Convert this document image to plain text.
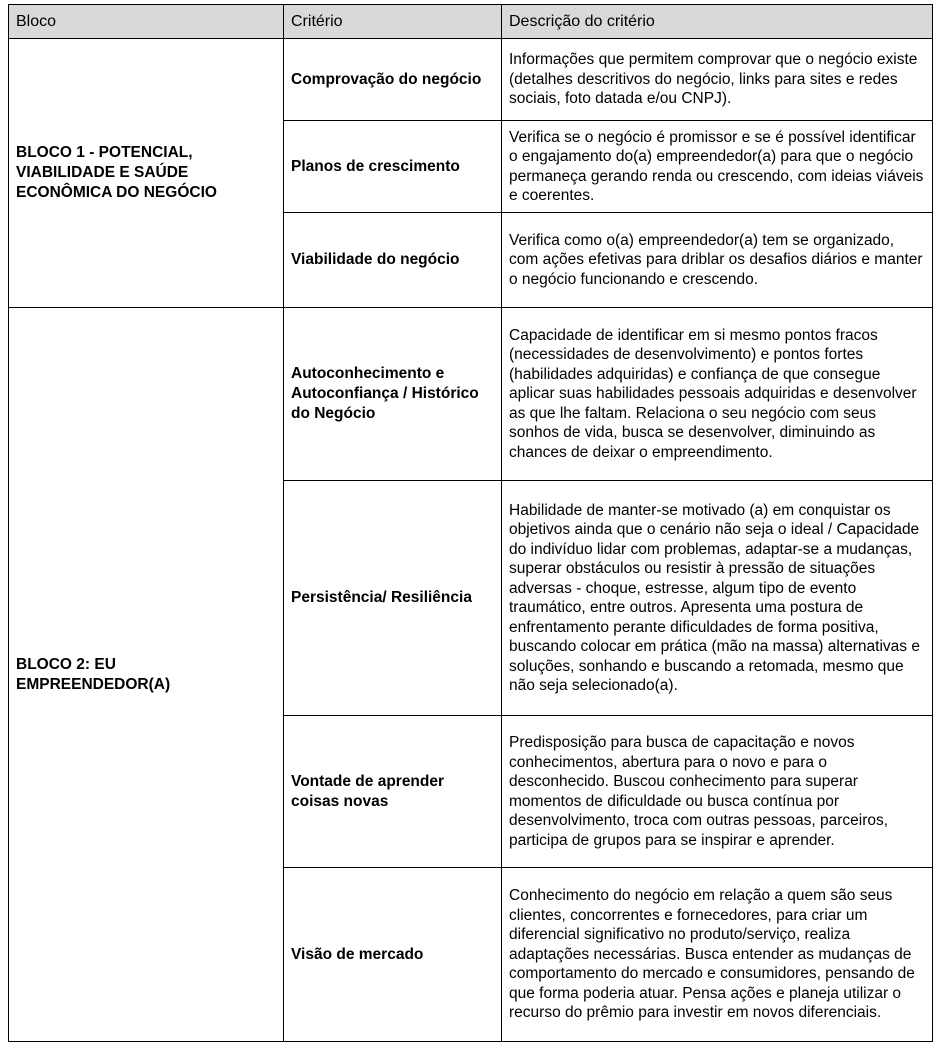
Bloco	Critério	Descrição do critério
BLOCO 1 - POTENCIAL, VIABILIDADE E SAÚDE ECONÔMICA DO NEGÓCIO	Comprovação do negócio	Informações que permitem comprovar que o negócio existe (detalhes descritivos do negócio, links para sites e redes sociais, foto datada e/ou CNPJ).
	Planos de crescimento	Verifica se o negócio é promissor e se é possível identificar o engajamento do(a) empreendedor(a) para que o negócio permaneça gerando renda ou crescendo, com ideias viáveis e coerentes.
	Viabilidade do negócio	Verifica como o(a) empreendedor(a) tem se organizado, com ações efetivas para driblar os desafios diários e manter o negócio funcionando e crescendo.
BLOCO 2: EU EMPREENDEDOR(A)	Autoconhecimento e Autoconfiança / Histórico do Negócio	Capacidade de identificar em si mesmo pontos fracos (necessidades de desenvolvimento) e pontos fortes (habilidades adquiridas) e confiança de que consegue aplicar suas habilidades pessoais adquiridas e desenvolver as que lhe faltam. Relaciona o seu negócio com seus sonhos de vida, busca se desenvolver, diminuindo as chances de deixar o empreendimento.
	Persistência/ Resiliência	Habilidade de manter-se motivado (a) em conquistar os objetivos ainda que o cenário não seja o ideal / Capacidade do indivíduo lidar com problemas, adaptar-se a mudanças, superar obstáculos ou resistir à pressão de situações adversas - choque, estresse, algum tipo de evento traumático, entre outros. Apresenta uma postura de enfrentamento perante dificuldades de forma positiva, buscando colocar em prática (mão na massa) alternativas e soluções, sonhando e buscando a retomada, mesmo que não seja selecionado(a).
	Vontade de aprender coisas novas	Predisposição para busca de capacitação e novos conhecimentos, abertura para o novo e para o desconhecido. Buscou conhecimento para superar momentos de dificuldade ou busca contínua por desenvolvimento, troca com outras pessoas, parceiros, participa de grupos para se inspirar e aprender.
	Visão de mercado	Conhecimento do negócio em relação a quem são seus clientes, concorrentes e fornecedores, para criar um diferencial significativo no produto/serviço, realiza adaptações necessárias. Busca entender as mudanças de comportamento do mercado e consumidores, pensando de que forma poderia atuar. Pensa ações e planeja utilizar o recurso do prêmio para investir em novos diferenciais.
